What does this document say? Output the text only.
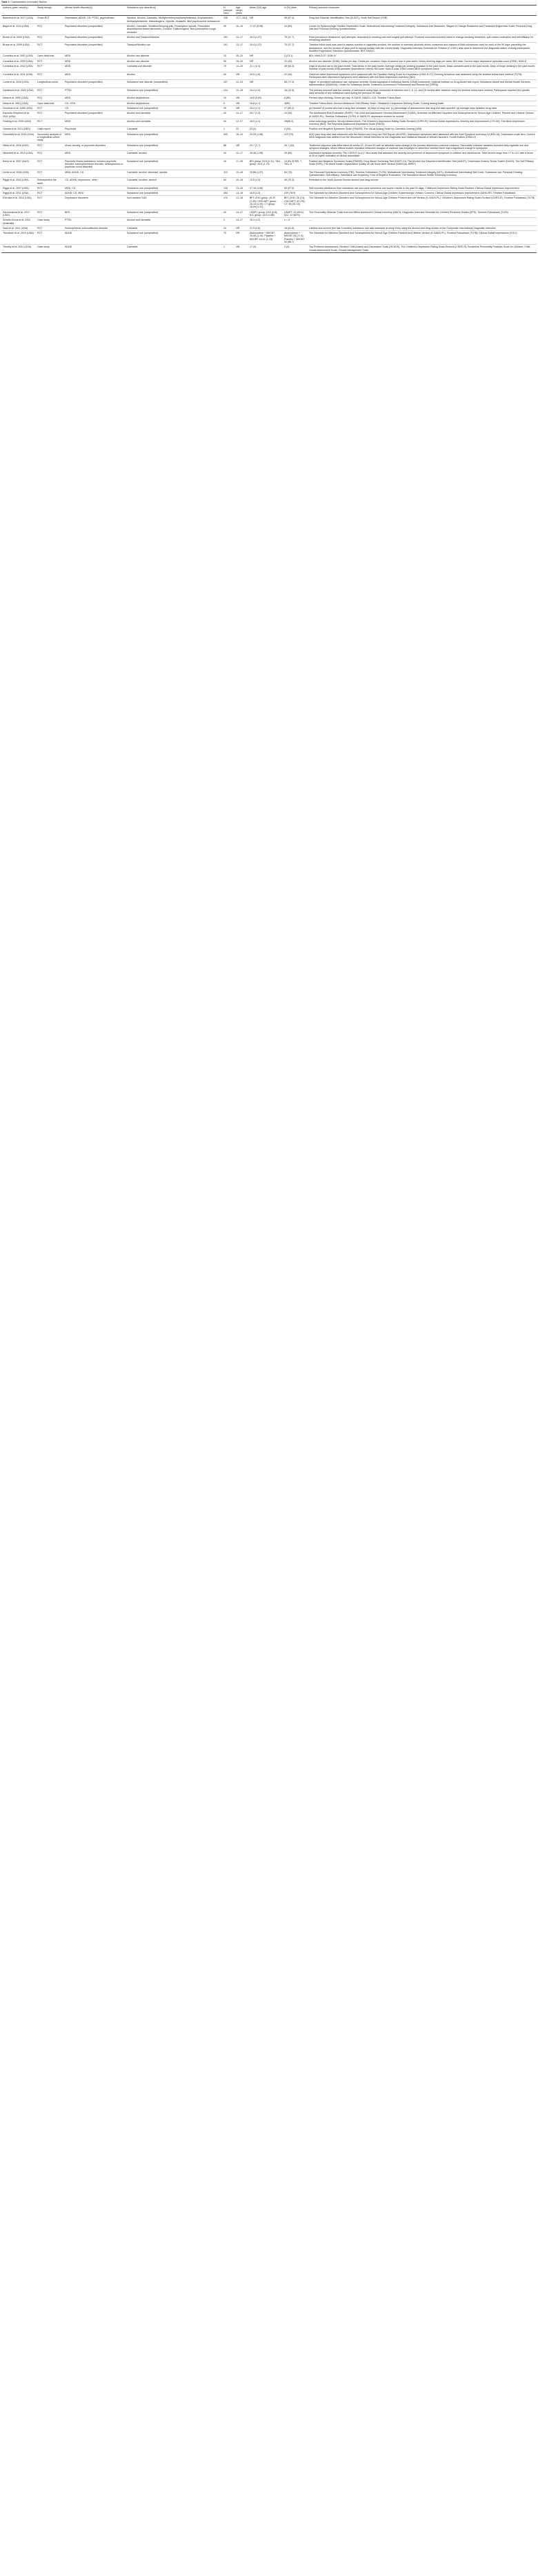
Table 1. Characteristics of Included Studies.
Authors (year/ country)	Study design	Mental health disorder(s)	Substance use disorder(s)	N (sample size)	Age range, years	Mean (SD) age	N (%) Male	Primary outcome measures
Baweleva et al. 2017 (USA)	Cross-RCT	Depression, ADHD, CD, PTSD, psychoticism	Nicotine, Alcohol, Cannabis, Methylenedioxymethamphetamine, Amphetamine, Methamphetamine, Hallucinogens, Opioids, Inhalants, illicit psychoactive substances	146	12.7–18.8	NR	98 (67.4)	Drug Use Disorder Identification Test (DUDIT); Youth Self Report (YSR)
Bagot et al. 2014 (USA)	RCT	Psychiatric disorders (unspecified)	Alcohol, Cannabis, Sedative/Sleeping pills, Prescription opioids, Prescribed amphetamine-based stimulants, Cocaine, Hallucinogens, Non-prescription cough medicine	40	15–19	17.07 (0.98)	24 (60)	Center for Epidemiologic Studies Depression Scale; Motivational Interviewing Treatment Integrity; Substance Use Measures; Stages of Change Readiness and Treatment Eagerness Scale; Personal Drug Use and Personal Drinking Questionnaires
Brown et al. 2003 (USA)	RCT	Psychiatric disorders (unspecified)	Alcohol and Tobacco/Nicotine	191	13–17	15.4 (1.37)	75 (37.7)	Point prevalence abstinence; quit attempts; reductions in smoking rate and longest quit attempt. Proximal outcomes included intent to change smoking behaviour, quit-related motivation and self-efficacy for remaining abstinent
Brown et al. 2009 (USA)	RCT	Psychiatric disorders (unspecified)	Tobacco/Nicotine use	191	13–17	15.4 (1.37)	75 (37.7)	Timeline follow-back was used to assess number of cigarettes smoked, the number of standard alcoholic drinks consumed and classes of illicit substances used for each of the 90 days preceding the assessment, and the number of days prior to having contact with the current study; Diagnostic Interview Schedule for Children (C-DISC) was used to determine the diagnostic status of study participants; Modified Fagerstrom Tolerance Questionnaire; BDI; HAM-D
Cornelius et al. 2001 (USA)	Open label trial	MDD	Alcohol use disorder	13	15–20	NR	3 (23.1)	BDI; HAM-D 27; DSM-IV
Cornelius et al. 2009 (USA)	RCT	MDD	Alcohol use disorder	50	15–20	NR	22 (44)	Alcohol use disorder (DSM); Drinks per day; Drinks per occasion; Days of alcohol use in past week; Heavy drinking days per week; BDI total; Current major depressive episodes count (DSM); HAM-D
Cornelius et al. 2010 (USA)	RCT	MDD	Cannabis use disorder	70	14–25	21.1 (2.4)	45 (64.3)	Days of alcohol use in the past month; Total drinks in the past month; Average drinks per drinking occasion in the past month; Days cannabis used in the past month; Days of binge drinking in the past month; Number of past-month DSM cannabis dependence criteria; BDI total; HAM-D total; DSM current MDD symptoms count
Cornelius et al. 2011 (USA)	RCT	MDD	Alcohol	50	NR	19.5 (1.6)	22 (44)	Observer-rated depressive symptoms were assessed with the Hamilton Rating Scale for Depression (HAM-D-27); Drinking behaviour was assessed using the timeline follow-back method (TLFB); Participant-rated depressive symptoms were assessed with the Beck Depression Inventory (BDI)
Curtis et al. 2015 (USA)	Longitudinal cohort	Psychiatric disorders (unspecified)	Substance use disorder (unspecified)	107	12–24	NR	85 (77.3)	Higher or persistent substance use, symptom severity; Global Appraisal of Individual Needs (GAIN) instrument; National Institute on Drug Abuse self-report; Substance Abuse and Mental Health Services Administration (SAMHSA); Center for Substance Abuse Treatment Government Performance and Results Act (GPRA)
Danielson et al. 2020 (USA)	RCT	PTSD	Substance use (unspecified)	124	13–18	15.4 (1.3)	16 (12.9)	The primary outcome was the number of substance-using days, measured at baseline and 3, 6, 12, and 18 months after baseline using the timeline follow-back method; Participants reported the specific daily amounts of any substance used during the previous 90 days
Deas et al. 2000 (USA)	RCT	MDD	Alcohol dependence	10	NR	16.6 (0.52)	8 (80)	Percent days drinking; Drinks per day; K-SADS; HAM-D; CDI; Timeline Follow-Back
Deas et al. 2001 (USA)	Open label trial	CD, ODD	Alcohol dependence	5	NR	16.8 (1.1)	4(80)	Timeline Follow-Back; Alcohol Abstinence Self-Efficacy Scale; Obsessive Compulsive Drinking Scale; Craving analog scale
Donohue et al. 1998 (USA)	RCT	CD	Substance use (unspecified)	39	NR	15.4 (1.1)	27 (69.2)	(a) Number of youths who had a drug-free urinalysis; (b) days of drug use; (c) percentage of assessments that drug use was reported; (d) Average days between drug uses
Esposito-Smythers et al. 2011 (USA)	RCT	Psychiatric disorders (unspecified)	Alcohol and cannabis	40	13–17	15.7 (1.3)	13 (33)	The Adolescent Risk Evaluation (RAFE); The Child and Adolescent Services Assessment (CASA); Schedule for Affective Disorders and Schizophrenia for School-Age Children, Present and Lifetime Version (K-SADS-PL); Timeline Followback (TLFB); K-SADS-PL depression module for suicide
Findling et al. 2009 (USA)	RCT	MDD	Alcohol and cannabis	34	12–17	16.5 (1.1)	29(85.3)	Urine toxicology screens; Serum ethanol levels; The Children's Depression Rating Scale-Revised (CDRS-R); Clinical Global Impressions–Severity and Improvement (CGI-S/I); The Beck Depression Inventory (BDI); The Reynolds Adolescent Depression Scale (RADS)
Gandia et al. 2011 (NED)	Case report	Psychosis	Cannabis	1	23	23 (0)	0 (00)	Positive and Negative Syndrome Scale (PANSS); The Visual Analog Scale for Cannabis Craving (VAS)
Greenfield et al. 2015 (USA)	Secondary analysis of a longitudinal cohort study	MDD	Substance use (unspecified)	305	18–24	20.05 (1.58)	223 (73)	AOD (any drug use) was measured with the Alcohol and Drug Use Self-Report (ADUSR); Depressive symptoms were assessed with the Brief Symptom Inventory-18 (BSI-18); Depression scale item; Current MDD diagnosis was defined from the Structured Clinical Interview for the Diagnostic and Statistical Manual of Mental Disorders, Fourth Edition (DSM-IV)
Hides et al. 2010 (AUS)	RCT	Mood, anxiety, or psychotic disorders	Substance use (unspecified)	88	NR	20.7 (2.7)	26.7 (34)	Treatment response was determined at weeks 10, 20 and 50 with an absolute mean change in the primary depression outcome measure; Secondary outcome variables included daily cigarette use and symptom changes; Mixed effects models repeated measures analysis of variance was employed to determine whether there was a significant change in symptoms
Hirschtritt et al. 2012 (USA)	RCT	MDD	Cannabis, alcohol	34	12–17	16.46 (1.08)	29 (85)	Depressive symptom severity; The CDRS-R is a 17-item scale that assesses the severity and presence of depressive symptoms in children and adolescents. Total scores range from 17 to 113, with a score of 40 or higher indicative of clinical depression
Kemp et al. 2007 (AUS)	RCT	Psychotic illness (substance induced psychotic disorder, schizophreniform disorder, schizophrenia or psychotic mood disorder)	Substance use (unspecified)	16	17–25	BEI group: 20.6 (3.11); TAU group: 20.6 (1.73)	13 (81.3) BEI: 7, TAU: 6	Positive and Negative Syndrome Scale (PANSS); Drug Abuse Screening Test (DAST-10); The Alcohol Use Disorders Identification Test (AUDIT); Depression Anxiety Stress Scales (DASS); The Self Efficacy Scale (SES); The World Health Organization Quality of Life Scale Brief Version (WHOQoL-BREF)
Lichte et al. 2018 (USA)	RCT	MDD, ADHD, CD	Cannabis, alcohol, stimulant, opioids	110	13–18	15.86 (1.07)	84 (75)	The Personal Experience Inventory (PEI); Timeline Followback (TLFB); Motivational Interviewing Treatment Integrity (MITI); Motivational Interviewing Skill Code; Substance use; Personal Drinking Questionnaire; Self-efficacy; Substance use frequency; Fear of Negative Evaluation; The Substance Abuse Subtle Screening Inventory
Riggs et al. 2004 (USA)	Retrospective file audit	CD, ADHD, depression, other	Cannabis, nicotine, alcohol	64	13–18	15.5 (1.3)	45 (70.3)	Retention in the Youth Access Service alcohol and drug service
Riggs et al. 2007 (USA)	RCT	MDD, CD	Substance use (unspecified)	126	13–19	17.16 (1.06)	85 (67.5)	Self-reported abstinence from substance use and urine substance use screen results in the past 30 days; Childhood Depression Rating Scale-Revised; Clinical Global Impression Improvement
Riggs et al. 2011 (USA)	RCT	ADHD, CD, MDD	Substance use (unspecified)	303	13–18	16.5 (1.3)	239 (78.9)	The Schedule for Affective Disorders and Schizophrenia for School-Age Children; Epidemiologic Version; Conners; Clinical Global Impression Improvement; ADHD-RS; Timeline Followback
Roh ska et al. 2014 (USA)	RCT	Depressive disorders	Non-nicotine SUD	170	13–18	BFT-CHO group: 16.29 (1.40); CHO-MFT group: 16.14 (1.40); CT group: 16.09 (1.31)	BFT-CHO: 26 (74); CHO-MFT: 43 (76); CT: 45 (81.15)	The Schedule for Affective Disorders and Schizophrenia for School-Age Children Present and Life Version (K-SADS-PL); Children's Depression Rating Scale-Revised (CDRS-R); Timeline Followback (TLFB)
Saronoukova et al. 2017 (USA)	RCT	BPD	Substance use (unspecified)	40	14–17	I-BAPT group: 15.8 (0.8); IDC group: 15.6 (0.88)	I-BAPT: 12 (60%); IDC: 12 (60%)	The Personality Disorder Traits from the Millon Adolescent Clinical Inventory (MACI); Diagnostic Interview Schedule for Children Predictive Scales (DPS); Timeline Followback (TLFB)
Schultz-Kreus et al. 2022 (Australia)	Case study	PTSD	Alcohol and cannabis	3	14–17	15.3 (1.2)	n = 0	—
Sass et al. 2011 (USA)	RCT	Schizophrenia, schizoaffective disorder	Cannabis	24	NR	21.9 (2.6)	18 (81.8)	Lifetime and current (the last 3 months) substance use was assessed at study entry using the alcohol and drug section of the Composite International Diagnostic Interview
Thurstone et al. 2010 (USA)	RCT	ADHD	Substance use (unspecified)	70	NR	Atomoxetine + MI/CBT: 16.06 (1.15); Placebo + MI/CBT: 16.11 (1.15)	Atomoxetine + MI/CBT 25 (71.4); Placebo + MI/CBT 30 (85.7)	The Schedule for Affective Disorders and Schizophrenia for School-Age Children-Present and Lifetime Version (K-SADS-PL); Timeline Followback (TLFB); Clinical Global Impressions (CGI-I)
Timothy et al. 2021 (USA)	Case study	ADHD	Cannabis	1	NR	17 (0)	0 (0)	Top Problems Assessment; Revised Child Anxiety and Depression Scale (RCADS); The Children's Depression Rating Scale-Revised (CDRS-R); Borderline Personality Features Scale for Children; Child Global Assessment Scale; Clinical Management Scale
